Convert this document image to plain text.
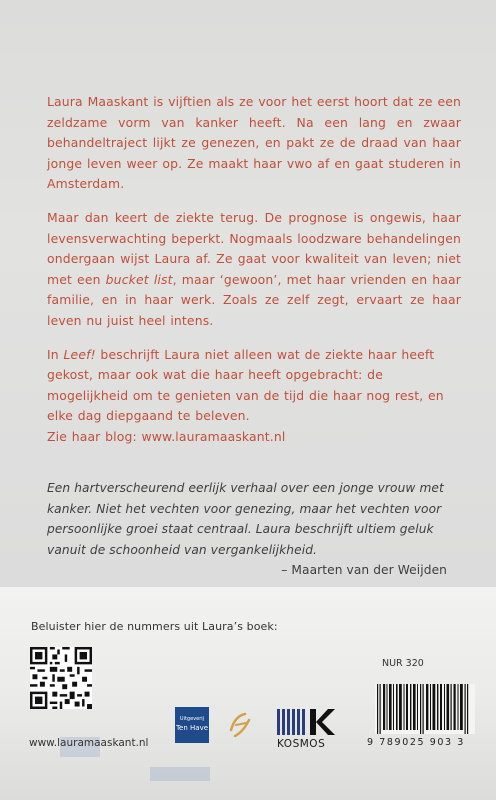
Laura Maaskant is vijftien als ze voor het eerst hoort dat ze een zeldzame vorm van kanker heeft. Na een lang en zwaar behandeltraject lijkt ze genezen, en pakt ze de draad van haar jonge leven weer op. Ze maakt haar vwo af en gaat studeren in Amsterdam.

Maar dan keert de ziekte terug. De prognose is ongewis, haar levensverwachting beperkt. Nogmaals loodzware behandelingen ondergaan wijst Laura af. Ze gaat voor kwaliteit van leven; niet met een bucket list, maar ‘gewoon’, met haar vrienden en haar familie, en in haar werk. Zoals ze zelf zegt, ervaart ze haar leven nu juist heel intens.

In Leef! beschrijft Laura niet alleen wat de ziekte haar heeft gekost, maar ook wat die haar heeft opgebracht: de mogelijkheid om te genieten van de tijd die haar nog rest, en elke dag diepgaand te beleven.
Zie haar blog: www.lauramaaskant.nl

Een hartverscheurend eerlijk verhaal over een jonge vrouw met kanker. Niet het vechten voor genezing, maar het vechten voor persoonlijke groei staat centraal. Laura beschrijft ultiem geluk vanuit de schoonheid van vergankelijkheid.

– Maarten van der Weijden

Beluister hier de nummers uit Laura’s boek:
www.lauramaaskant.nl
Uitgeverij
Ten Have
KOSMOS
NUR 320
9 789025 903 3
